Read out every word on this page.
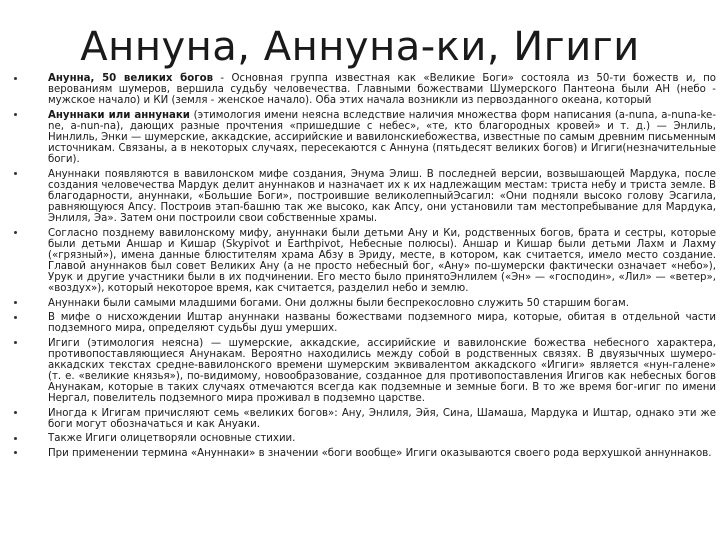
Аннуна, Аннуна-ки, Игиги
Анунна, 50 великих богов - Основная группа известная как «Великие Боги» состояла из 50-ти божеств и, по верованиям шумеров, вершила судьбу человечества. Главными божествами Шумерского Пантеона были АН (небо - мужское начало) и КИ (земля - женское начало). Оба этих начала возникли из первозданного океана, который
Ануннаки или аннунаки (этимология имени неясна вследствие наличия множества форм написания (a-nuna, a-nuna-ke-ne, a-nun-na), дающих разные прочтения «пришедшие с небес», «те, кто благородных кровей» и т. д.) — Энлиль, Нинлиль, Энки — шумерские, аккадские, ассирийские и вавилонскиебожества, известные по самым древним письменным источникам. Связаны, а в некоторых случаях, пересекаются с Аннуна (пятьдесят великих богов) и Игиги(незначительные боги).
Ануннаки появляются в вавилонском мифе создания, Энума Элиш. В последней версии, возвышающей Мардука, после создания человечества Мардук делит ануннаков и назначает их к их надлежащим местам: триста небу и триста земле. В благодарности, ануннаки, «Большие Боги», построившие великолепныйЭсагил: «Они подняли высоко голову Эсагила, равняющуюся Апсу. Построив этап-башню так же высоко, как Апсу, они установили там местопребывание для Мардука, Энлиля, Эа». Затем они построили свои собственные храмы.
Согласно позднему вавилонскому мифу, ануннаки были детьми Ану и Ки, родственных богов, брата и сестры, которые были детьми Аншар и Кишар (Skypivot и Earthpivot, Небесные полюсы). Аншар и Кишар были детьми Лахм и Лахму («грязный»), имена данные блюстителям храма Абзу в Эриду, месте, в котором, как считается, имело место создание. Главой ануннаков был совет Великих Ану (а не просто небесный бог, «Ану» по-шумерски фактически означает «небо»), Урук и другие участники были в их подчинении. Его место было принятоЭнлилем («Эн» — «господин», «Лил» — «ветер», «воздух»), который некоторое время, как считается, разделил небо и землю.
Ануннаки были самыми младшими богами. Они должны были беспрекословно служить 50 старшим богам.
В мифе о нисхождении Иштар ануннаки названы божествами подземного мира, которые, обитая в отдельной части подземного мира, определяют судьбы душ умерших.
Игиги (этимология неясна) — шумерские, аккадские, ассирийские и вавилонские божества небесного характера, противопоставляющиеся Анунакам. Вероятно находились между собой в родственных связях. В двуязычных шумеро-аккадских текстах средне-вавилонского времени шумерским эквивалентом аккадского «Игиги» является «нун-галене» (т. е. «великие князья»), по-видимому, новообразование, созданное для противопоставления Игигов как небесных богов Анунакам, которые в таких случаях отмечаются всегда как подземные и земные боги. В то же время бог-игиг по имени Нергал, повелитель подземного мира проживал в подземно царстве.
Иногда к Игигам причисляют семь «великих богов»: Ану, Энлиля, Эйя, Сина, Шамаша, Мардука и Иштар, однако эти же боги могут обозначаться и как Ануаки.
Также Игиги олицетворяли основные стихии.
При применении термина «Ануннаки» в значении «боги вообще» Игиги оказываются своего рода верхушкой аннуннаков.
